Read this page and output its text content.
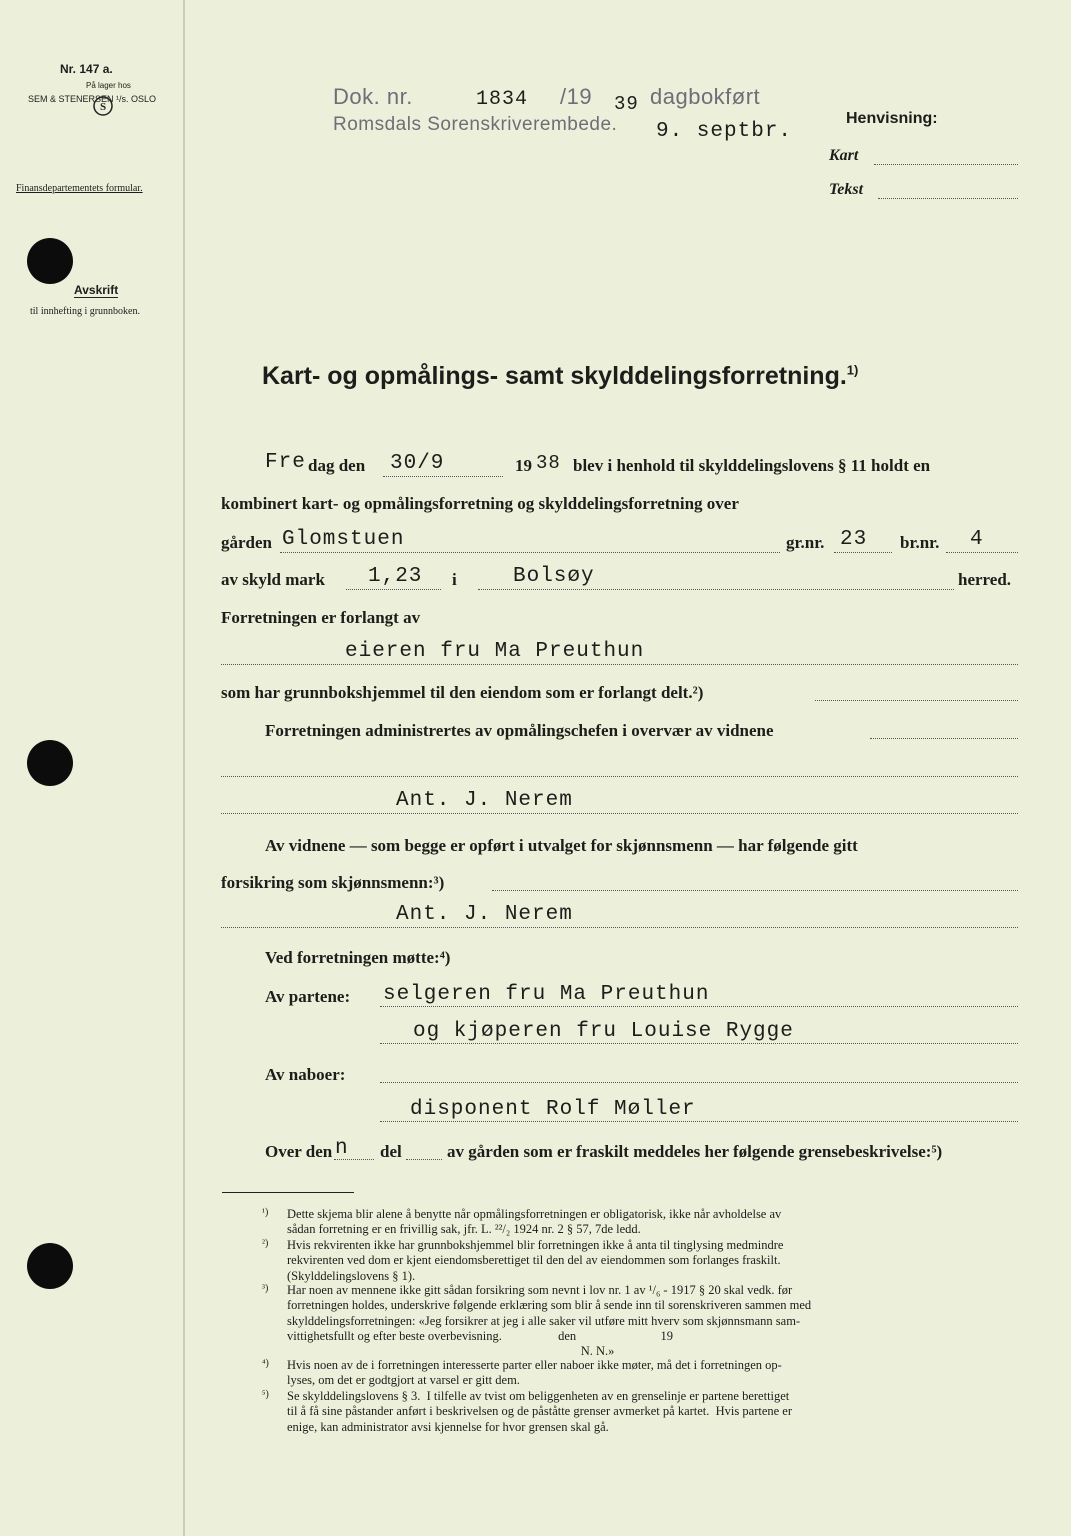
Nr. 147 a.
På lager hos
SEM & STENERSEN ¹/s. OSLO
S
Finansdepartementets formular.
Avskrift
til innhefting i grunnboken.
Dok. nr.	1834 /19 39 dagbokført
Romsdals Sorenskriverembede. 9. septbr.
Henvisning:
Kart
Tekst
Kart- og opmålings- samt skylddelingsforretning.$^{1)}$
Fre dag den 30/9	19 38 blev i henhold til skylddelingslovens § 11 holdt en
kombinert kart- og opmålingsforretning og skylddelingsforretning over
gården Glomstuen	gr.nr. 23 br.nr. 4
av skyld mark 1,23 i	Bolsøy	herred.
Forretningen er forlangt av
eieren fru Ma Preuthun
som har grunnbokshjemmel til den eiendom som er forlangt delt.²)
Forretningen administrertes av opmålingschefen i overvær av vidnene
Ant. J. Nerem
Av vidnene — som begge er opført i utvalget for skjønnsmenn — har følgende gitt
forsikring som skjønnsmenn:³)
Ant. J. Nerem
Ved forretningen møtte:⁴)
Av partene: selgeren fru Ma Preuthun
og kjøperen fru Louise Rygge
Av naboer:
disponent Rolf Møller
Over den n del	av gården som er fraskilt meddeles her følgende grensebeskrivelse:⁵)
¹) Dette skjema blir alene å benytte når opmålingsforretningen er obligatorisk, ikke når avholdelse av
sådan forretning er en frivillig sak, jfr. L. ²²/₂ 1924 nr. 2 § 57, 7de ledd.
²) Hvis rekvirenten ikke har grunnbokshjemmel blir forretningen ikke å anta til tinglysing medmindre
rekvirenten ved dom er kjent eiendomsberettiget til den del av eiendommen som forlanges fraskilt.
(Skylddelingslovens § 1).
³) Har noen av mennene ikke gitt sådan forsikring som nevnt i lov nr. 1 av ¹/₆ - 1917 § 20 skal vedk. før
forretningen holdes, underskrive følgende erklæring som blir å sende inn til sorenskriveren sammen med
skylddelingsforretningen: «Jeg forsikrer at jeg i alle saker vil utføre mitt hverv som skjønnsmann sam-
vittighetsfullt og efter beste overbevisning.                  den                           19
N. N.»
⁴) Hvis noen av de i forretningen interesserte parter eller naboer ikke møter, må det i forretningen op-
lyses, om det er godtgjort at varsel er gitt dem.
⁵) Se skylddelingslovens § 3.  I tilfelle av tvist om beliggenheten av en grenselinje er partene berettiget
til å få sine påstander anført i beskrivelsen og de påståtte grenser avmerket på kartet.  Hvis partene er
enige, kan administrator avsi kjennelse for hvor grensen skal gå.
